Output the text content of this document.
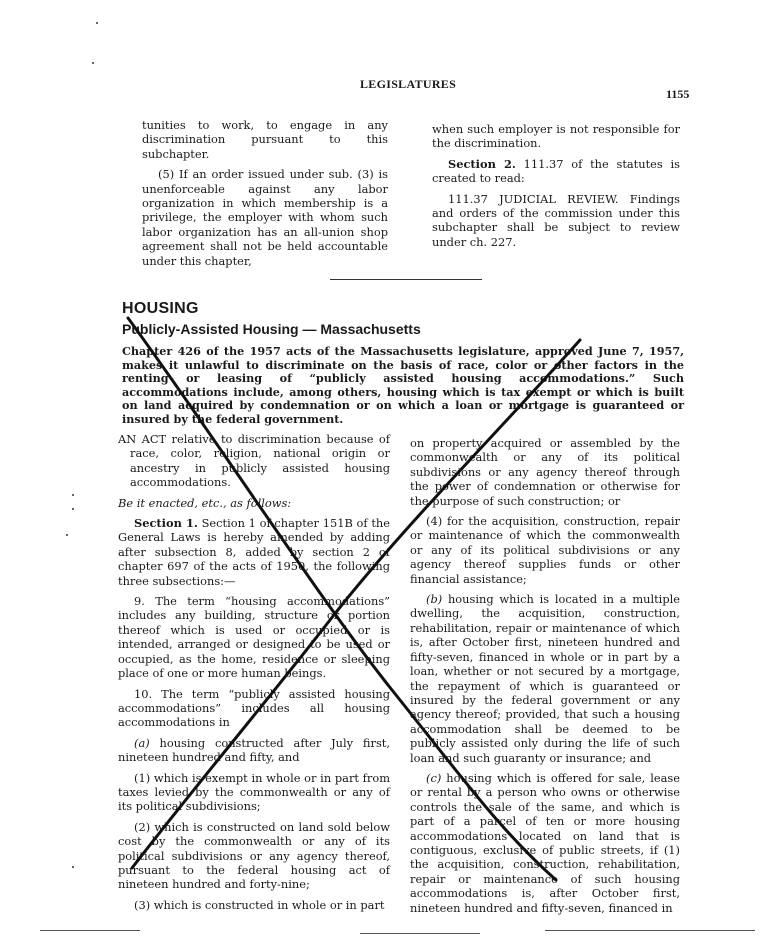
LEGISLATURES
1155

tunities to work, to engage in any discrimination pursuant to this subchapter.

(5) If an order issued under sub. (3) is unenforceable against any labor organization in which membership is a privilege, the employer with whom such labor organization has an all-union shop agreement shall not be held accountable under this chapter,

when such employer is not responsible for the discrimination.

Section 2. 111.37 of the statutes is created to read:

111.37 JUDICIAL REVIEW. Findings and orders of the commission under this subchapter shall be subject to review under ch. 227.

HOUSING
Publicly-Assisted Housing — Massachusetts
Chapter 426 of the 1957 acts of the Massachusetts legislature, approved June 7, 1957, makes it unlawful to discriminate on the basis of race, color or other factors in the renting or leasing of “publicly assisted housing accommodations.” Such accommodations include, among others, housing which is tax exempt or which is built on land acquired by condemnation or on which a loan or mortgage is guaranteed or insured by the federal government.

AN ACT relative to discrimination because of race, color, religion, national origin or ancestry in publicly assisted housing accommodations.

Be it enacted, etc., as follows:

Section 1. Section 1 of chapter 151B of the General Laws is hereby amended by adding after subsection 8, added by section 2 of chapter 697 of the acts of 1950, the following three subsections:—

9. The term “housing accommodations” includes any building, structure or portion thereof which is used or occupied or is intended, arranged or designed to be used or occupied, as the home, residence or sleeping place of one or more human beings.

10. The term “publicly assisted housing accommodations” includes all housing accommodations in

(a) housing constructed after July first, nineteen hundred and fifty, and

(1) which is exempt in whole or in part from taxes levied by the commonwealth or any of its political subdivisions;

(2) which is constructed on land sold below cost by the commonwealth or any of its political subdivisions or any agency thereof, pursuant to the federal housing act of nineteen hundred and forty-nine;

(3) which is constructed in whole or in part

on property acquired or assembled by the commonwealth or any of its political subdivisions or any agency thereof through the power of condemnation or otherwise for the purpose of such construction; or

(4) for the acquisition, construction, repair or maintenance of which the commonwealth or any of its political subdivisions or any agency thereof supplies funds or other financial assistance;

(b) housing which is located in a multiple dwelling, the acquisition, construction, rehabilitation, repair or maintenance of which is, after October first, nineteen hundred and fifty-seven, financed in whole or in part by a loan, whether or not secured by a mortgage, the repayment of which is guaranteed or insured by the federal government or any agency thereof; provided, that such a housing accommodation shall be deemed to be publicly assisted only during the life of such loan and such guaranty or insurance; and

(c) housing which is offered for sale, lease or rental by a person who owns or otherwise controls the sale of the same, and which is part of a parcel of ten or more housing accommodations located on land that is contiguous, exclusive of public streets, if (1) the acquisition, construction, rehabilitation, repair or maintenance of such housing accommodations is, after October first, nineteen hundred and fifty-seven, financed in
